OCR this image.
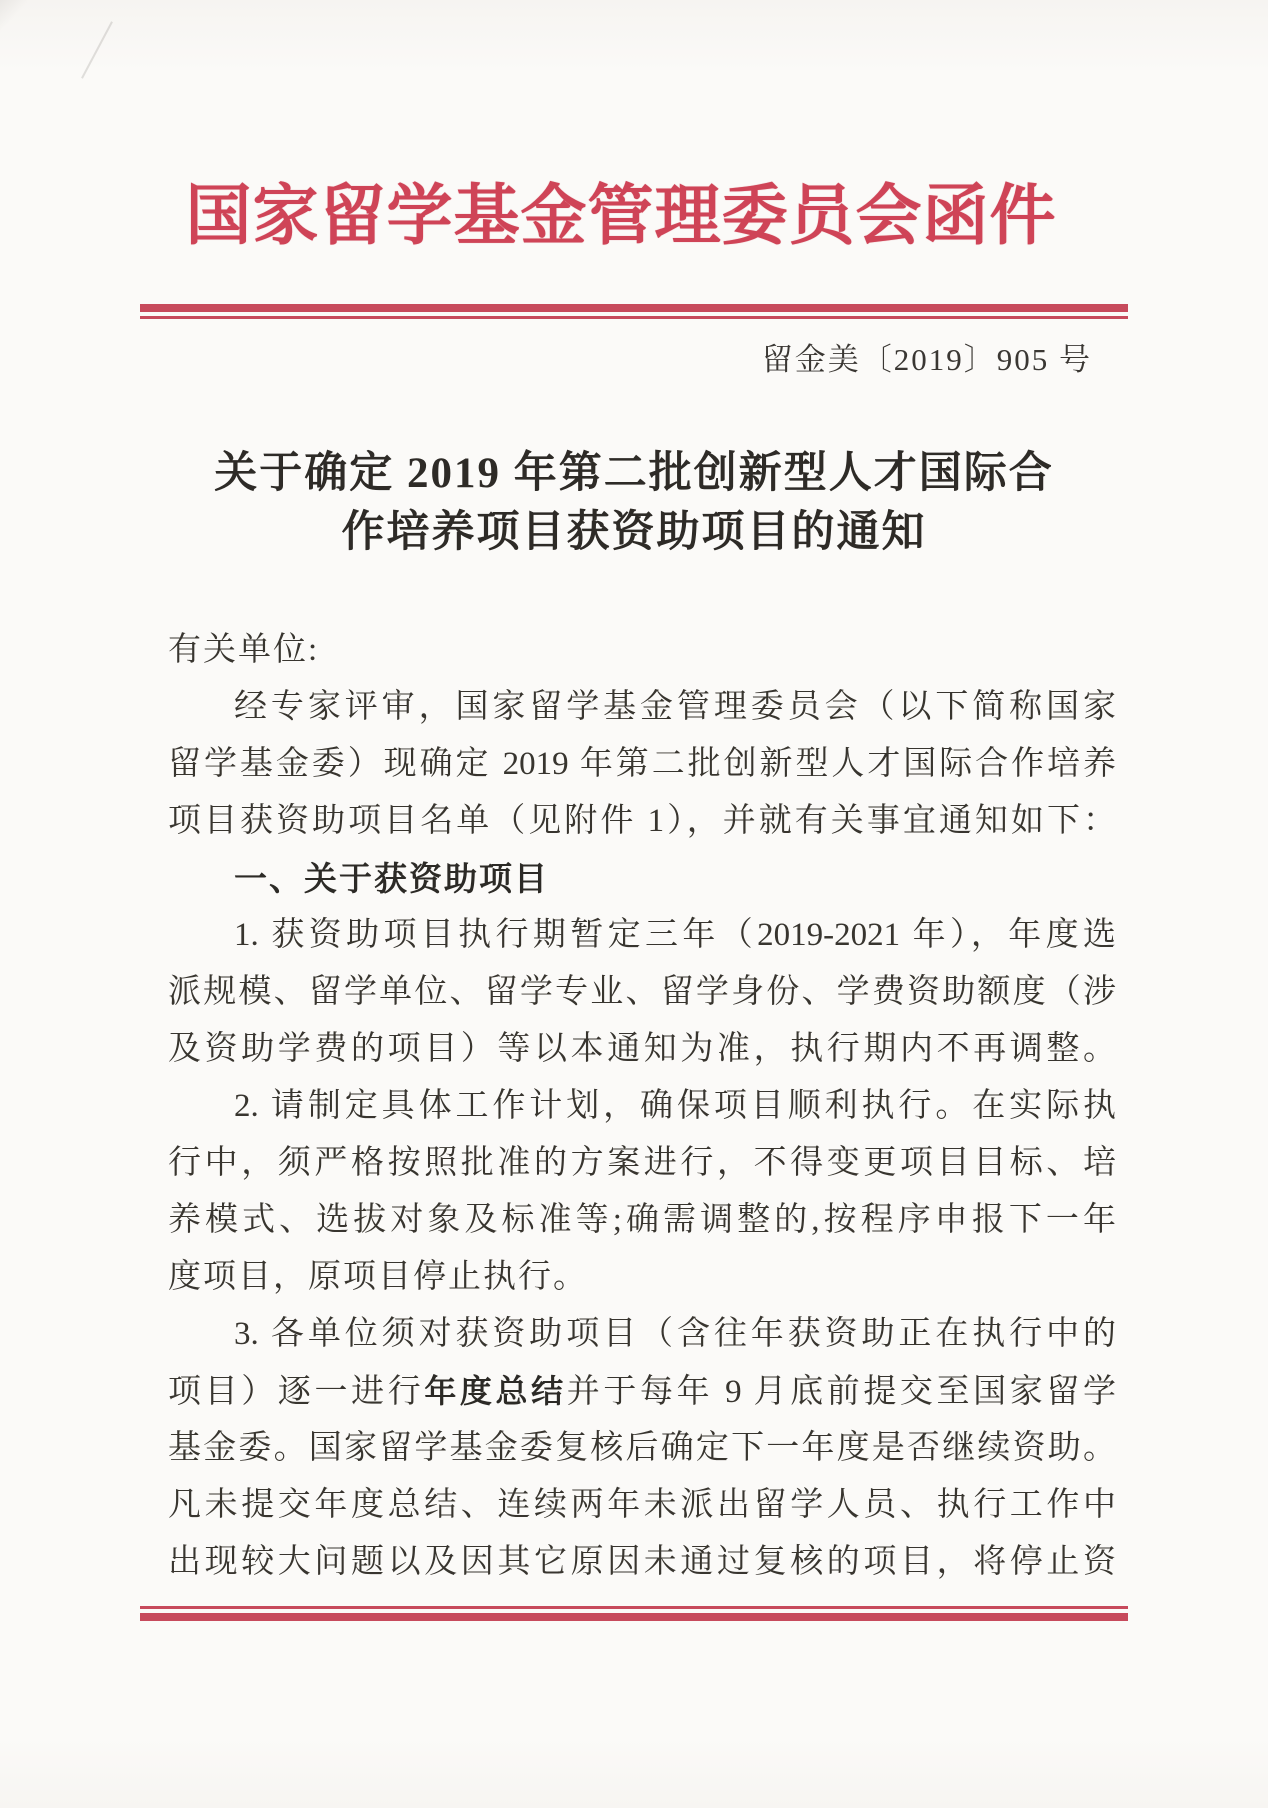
国家留学基金管理委员会函件
留金美〔2019〕905 号
关于确定 2019 年第二批创新型人才国际合
作培养项目获资助项目的通知
有关单位:
经专家评审，国家留学基金管理委员会（以下简称国家
留学基金委）现确定 2019 年第二批创新型人才国际合作培养
项目获资助项目名单（见附件 1），并就有关事宜通知如下：
一、关于获资助项目
1. 获资助项目执行期暂定三年（2019-2021 年），年度选
派规模、留学单位、留学专业、留学身份、学费资助额度（涉
及资助学费的项目）等以本通知为准，执行期内不再调整。
2. 请制定具体工作计划，确保项目顺利执行。在实际执
行中，须严格按照批准的方案进行，不得变更项目目标、培
养模式、选拔对象及标准等;确需调整的,按程序申报下一年
度项目，原项目停止执行。
3. 各单位须对获资助项目（含往年获资助正在执行中的
项目）逐一进行年度总结并于每年 9 月底前提交至国家留学
基金委。国家留学基金委复核后确定下一年度是否继续资助。
凡未提交年度总结、连续两年未派出留学人员、执行工作中
出现较大问题以及因其它原因未通过复核的项目，将停止资
